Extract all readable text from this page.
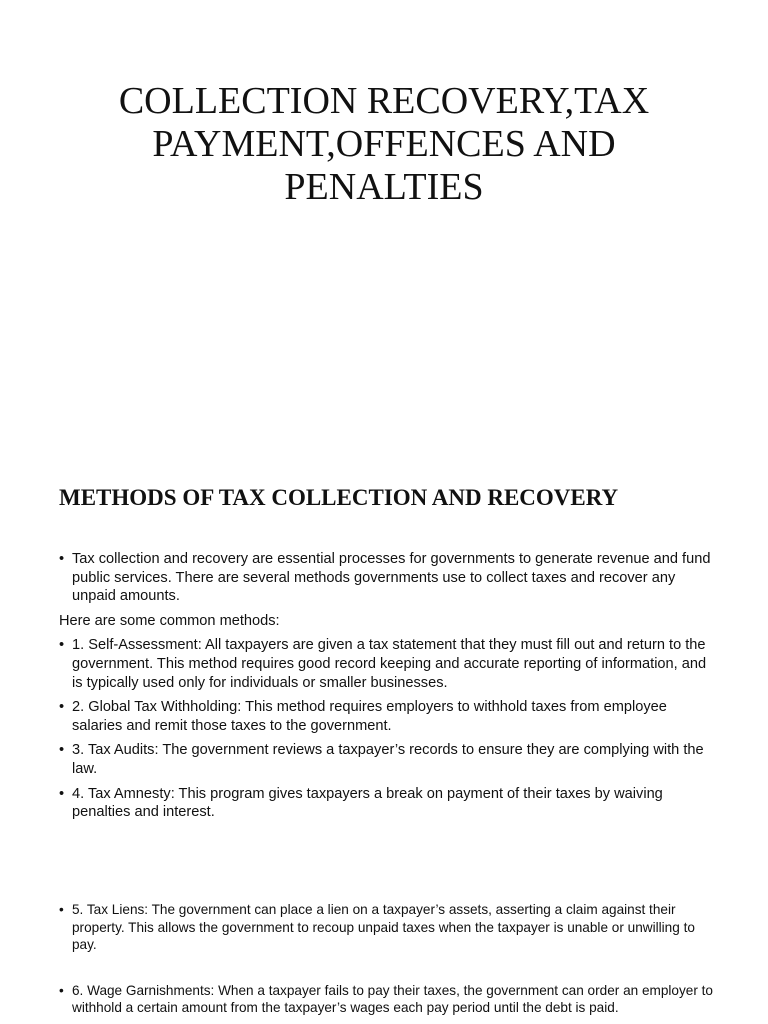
COLLECTION RECOVERY,TAX PAYMENT,OFFENCES AND PENALTIES
METHODS OF TAX COLLECTION AND RECOVERY
• Tax collection and recovery are essential processes for governments to generate revenue and fund public services. There are several methods governments use to collect taxes and recover any unpaid amounts.
Here are some common methods:
• 1. Self-Assessment: All taxpayers are given a tax statement that they must fill out and return to the government. This method requires good record keeping and accurate reporting of information, and is typically used only for individuals or smaller businesses.
• 2. Global Tax Withholding: This method requires employers to withhold taxes from employee salaries and remit those taxes to the government.
• 3. Tax Audits: The government reviews a taxpayer’s records to ensure they are complying with the law.
• 4. Tax Amnesty: This program gives taxpayers a break on payment of their taxes by waiving penalties and interest.
• 5. Tax Liens: The government can place a lien on a taxpayer’s assets, asserting a claim against their property. This allows the government to recoup unpaid taxes when the taxpayer is unable or unwilling to pay.
• 6. Wage Garnishments: When a taxpayer fails to pay their taxes, the government can order an employer to withhold a certain amount from the taxpayer’s wages each pay period until the debt is paid.
